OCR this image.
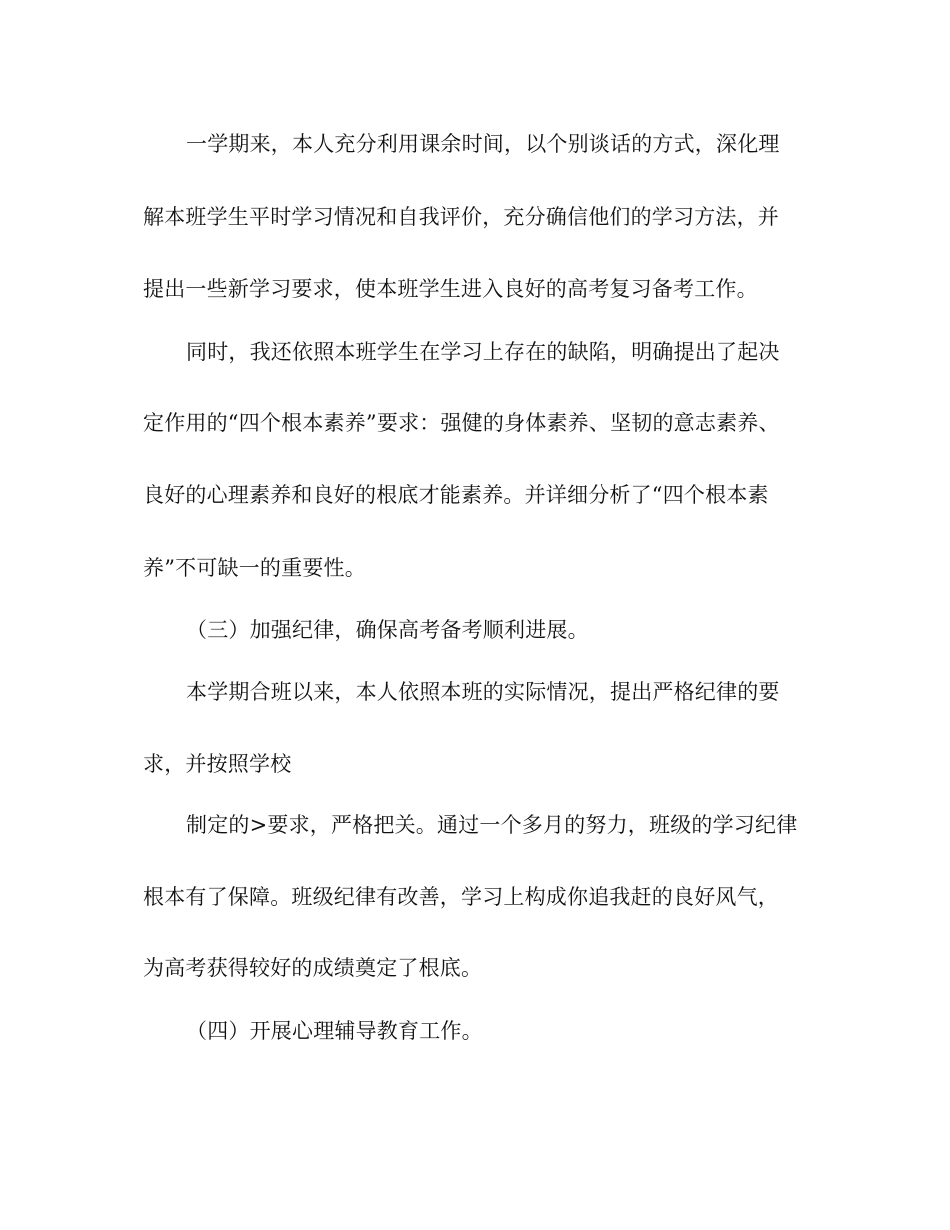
一学期来，本人充分利用课余时间，以个别谈话的方式，深化理
解本班学生平时学习情况和自我评价，充分确信他们的学习方法，并
提出一些新学习要求，使本班学生进入良好的高考复习备考工作。
同时，我还依照本班学生在学习上存在的缺陷，明确提出了起决
定作用的“四个根本素养”要求：强健的身体素养、坚韧的意志素养、
良好的心理素养和良好的根底才能素养。并详细分析了“四个根本素
养”不可缺一的重要性。
（三）加强纪律，确保高考备考顺利进展。
本学期合班以来，本人依照本班的实际情况，提出严格纪律的要
求，并按照学校
制定的>要求，严格把关。通过一个多月的努力，班级的学习纪律
根本有了保障。班级纪律有改善，学习上构成你追我赶的良好风气，
为高考获得较好的成绩奠定了根底。
（四）开展心理辅导教育工作。
